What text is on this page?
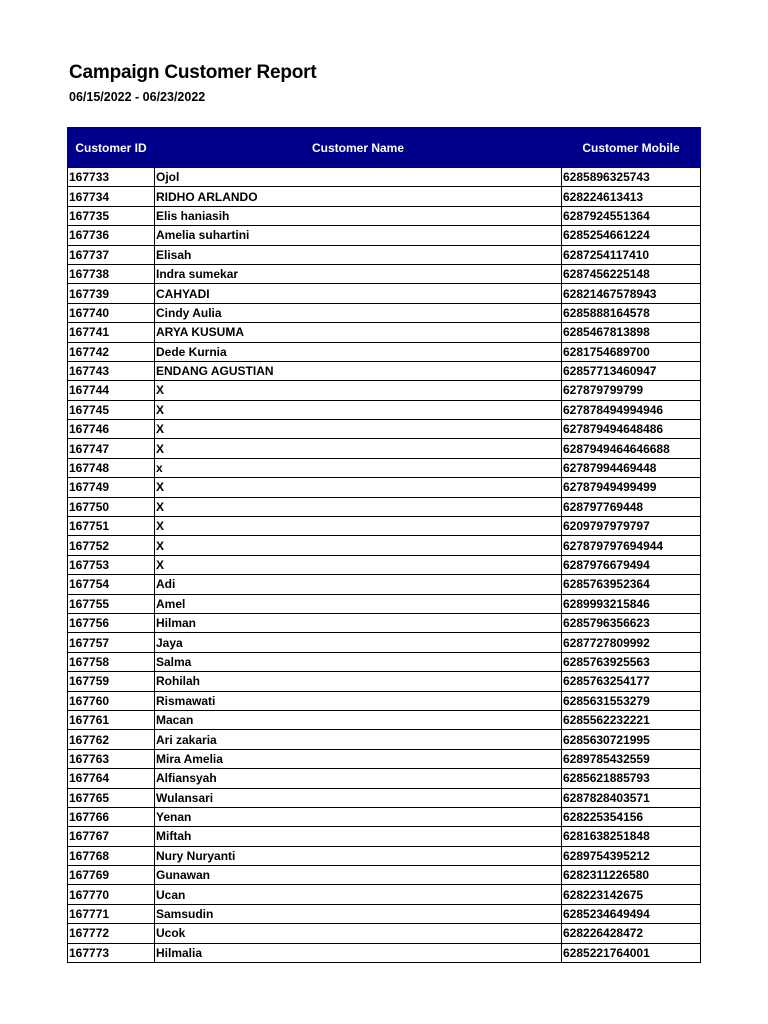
Campaign Customer Report
06/15/2022 - 06/23/2022
Customer ID	Customer Name	Customer Mobile
167733	Ojol	6285896325743
167734	RIDHO ARLANDO	628224613413
167735	Elis haniasih	6287924551364
167736	Amelia suhartini	6285254661224
167737	Elisah	6287254117410
167738	Indra sumekar	6287456225148
167739	CAHYADI	62821467578943
167740	Cindy Aulia	6285888164578
167741	ARYA KUSUMA	6285467813898
167742	Dede Kurnia	6281754689700
167743	ENDANG AGUSTIAN	62857713460947
167744	X	627879799799
167745	X	627878494994946
167746	X	627879494648486
167747	X	6287949464646688
167748	x	62787994469448
167749	X	62787949499499
167750	X	628797769448
167751	X	6209797979797
167752	X	627879797694944
167753	X	6287976679494
167754	Adi	6285763952364
167755	Amel	6289993215846
167756	Hilman	6285796356623
167757	Jaya	6287727809992
167758	Salma	6285763925563
167759	Rohilah	6285763254177
167760	Rismawati	6285631553279
167761	Macan	6285562232221
167762	Ari zakaria	6285630721995
167763	Mira Amelia	6289785432559
167764	Alfiansyah	6285621885793
167765	Wulansari	6287828403571
167766	Yenan	628225354156
167767	Miftah	6281638251848
167768	Nury Nuryanti	6289754395212
167769	Gunawan	6282311226580
167770	Ucan	628223142675
167771	Samsudin	6285234649494
167772	Ucok	628226428472
167773	Hilmalia	6285221764001
